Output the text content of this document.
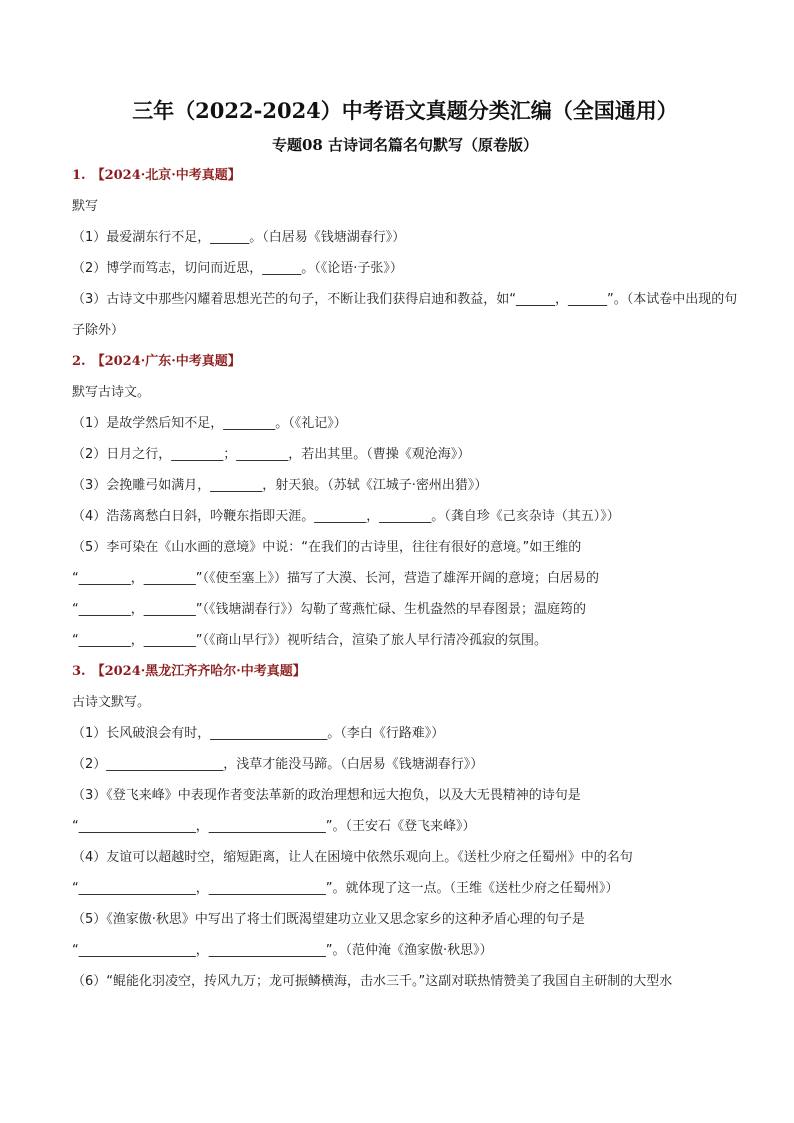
三年（2022-2024）中考语文真题分类汇编（全国通用）
专题08 古诗词名篇名句默写（原卷版）
1. 【2024·北京·中考真题】
默写
（1）最爱湖东行不足，______。（白居易《钱塘湖春行》）
（2）博学而笃志，切问而近思，______。（《论语·子张》）
（3）古诗文中那些闪耀着思想光芒的句子，不断让我们获得启迪和教益，如“______，______”。（本试卷中出现的句子除外）
2. 【2024·广东·中考真题】
默写古诗文。
（1）是故学然后知不足，________。（《礼记》）
（2）日月之行，________；________，若出其里。（曹操《观沧海》）
（3）会挽雕弓如满月，________，射天狼。（苏轼《江城子·密州出猎》）
（4）浩荡离愁白日斜，吟鞭东指即天涯。________，________。（龚自珍《己亥杂诗（其五）》）
（5）李可染在《山水画的意境》中说：“在我们的古诗里，往往有很好的意境。”如王维的
“________，________”（《使至塞上》）描写了大漠、长河，营造了雄浑开阔的意境；白居易的
“________，________”（《钱塘湖春行》）勾勒了莺燕忙碌、生机盎然的早春图景；温庭筠的
“________，________”（《商山早行》）视听结合，渲染了旅人早行清冷孤寂的氛围。
3. 【2024·黑龙江齐齐哈尔·中考真题】
古诗文默写。
（1）长风破浪会有时，__________________。（李白《行路难》）
（2）__________________，浅草才能没马蹄。（白居易《钱塘湖春行》）
（3）《登飞来峰》中表现作者变法革新的政治理想和远大抱负，以及大无畏精神的诗句是
“__________________，__________________”。（王安石《登飞来峰》）
（4）友谊可以超越时空，缩短距离，让人在困境中依然乐观向上。《送杜少府之任蜀州》中的名句
“__________________，__________________”。就体现了这一点。（王维《送杜少府之任蜀州》）
（5）《渔家傲·秋思》中写出了将士们既渴望建功立业又思念家乡的这种矛盾心理的句子是
“__________________，__________________”。（范仲淹《渔家傲·秋思》）
（6）“鲲能化羽凌空，抟风九万；龙可振鳞横海，击水三千。”这副对联热情赞美了我国自主研制的大型水
